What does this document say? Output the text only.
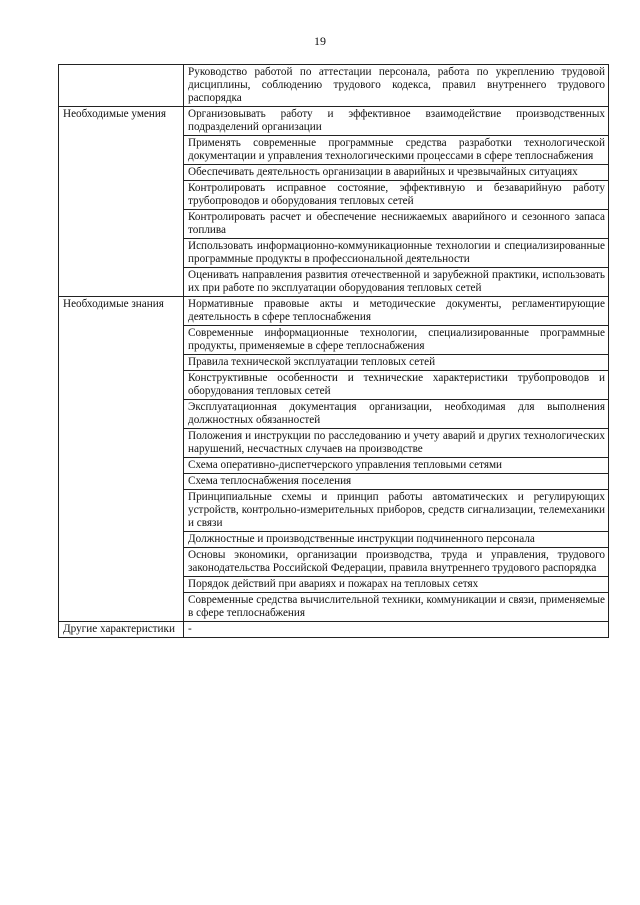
19
	Руководство работой по аттестации персонала, работа по укреплению трудовой дисциплины, соблюдению трудового кодекса, правил внутреннего трудового распорядка
Необходимые умения	Организовывать работу и эффективное взаимодействие производственных подразделений организации
	Применять современные программные средства разработки технологической документации и управления технологическими процессами в сфере теплоснабжения
	Обеспечивать деятельность организации в аварийных и чрезвычайных ситуациях
	Контролировать исправное состояние, эффективную и безаварийную работу трубопроводов и оборудования тепловых сетей
	Контролировать расчет и обеспечение неснижаемых аварийного и сезонного запаса топлива
	Использовать информационно-коммуникационные технологии и специализированные программные продукты в профессиональной деятельности
	Оценивать направления развития отечественной и зарубежной практики, использовать их при работе по эксплуатации оборудования тепловых сетей
Необходимые знания	Нормативные правовые акты и методические документы, регламентирующие деятельность в сфере теплоснабжения
	Современные информационные технологии, специализированные программные продукты, применяемые в сфере теплоснабжения
	Правила технической эксплуатации тепловых сетей
	Конструктивные особенности и технические характеристики трубопроводов и оборудования тепловых сетей
	Эксплуатационная документация организации, необходимая для выполнения должностных обязанностей
	Положения и инструкции по расследованию и учету аварий и других технологических нарушений, несчастных случаев на производстве
	Схема оперативно-диспетчерского управления тепловыми сетями
	Схема теплоснабжения поселения
	Принципиальные схемы и принцип работы автоматических и регулирующих устройств, контрольно-измерительных приборов, средств сигнализации, телемеханики и связи
	Должностные и производственные инструкции подчиненного персонала
	Основы экономики, организации производства, труда и управления, трудового законодательства Российской Федерации, правила внутреннего трудового распорядка
	Порядок действий при авариях и пожарах на тепловых сетях
	Современные средства вычислительной техники, коммуникации и связи, применяемые в сфере теплоснабжения
Другие характеристики	-
